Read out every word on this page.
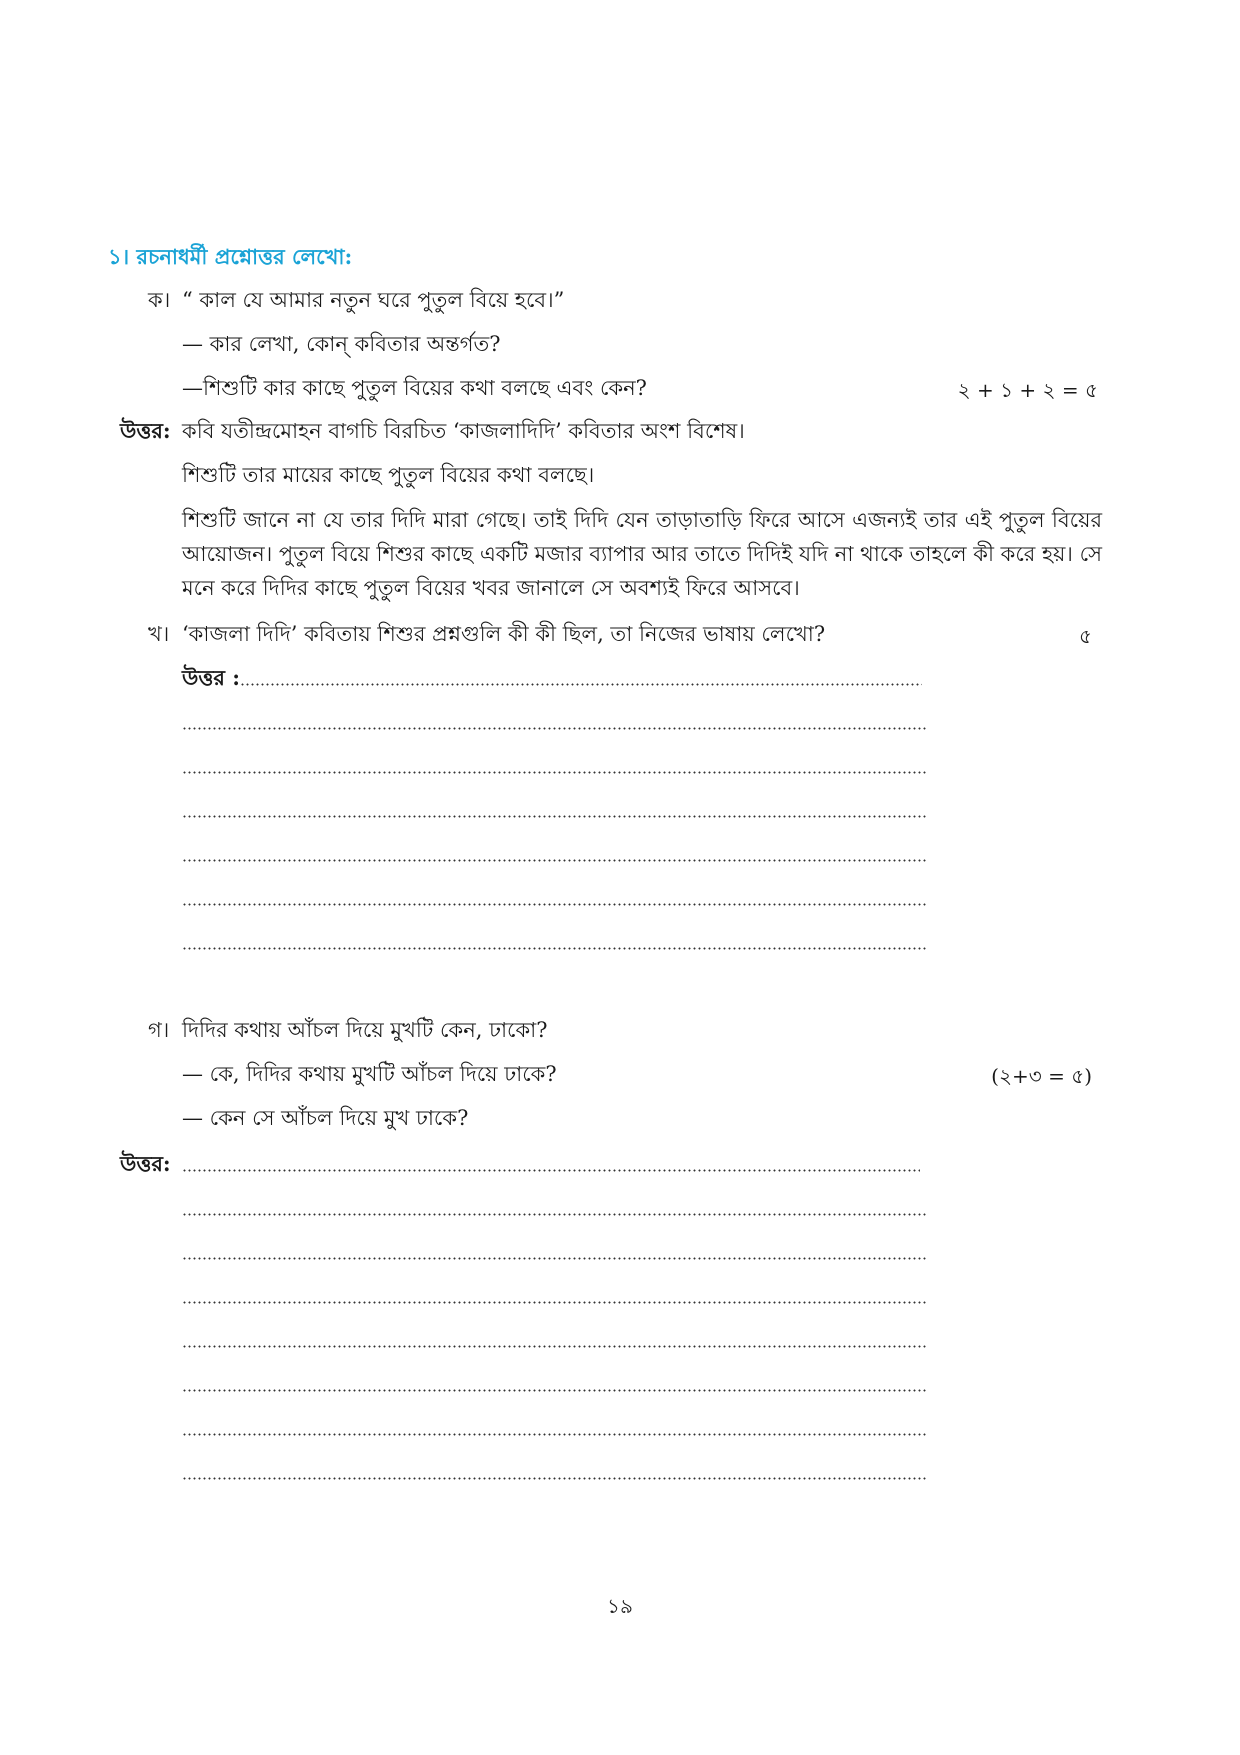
১। রচনাধর্মী প্রশ্নোত্তর লেখো:
ক। “ কাল যে আমার নতুন ঘরে পুতুল বিয়ে হবে।”
— কার লেখা, কোন্ কবিতার অন্তর্গত?
—শিশুটি কার কাছে পুতুল বিয়ের কথা বলছে এবং কেন?	২ + ১ + ২ = ৫
উত্তর: কবি যতীন্দ্রমোহন বাগচি বিরচিত ‘কাজলাদিদি’ কবিতার অংশ বিশেষ।
শিশুটি তার মায়ের কাছে পুতুল বিয়ের কথা বলছে।
শিশুটি জানে না যে তার দিদি মারা গেছে। তাই দিদি যেন তাড়াতাড়ি ফিরে আসে এজন্যই তার এই পুতুল বিয়ের আয়োজন। পুতুল বিয়ে শিশুর কাছে একটি মজার ব্যাপার আর তাতে দিদিই যদি না থাকে তাহলে কী করে হয়। সে মনে করে দিদির কাছে পুতুল বিয়ের খবর জানালে সে অবশ্যই ফিরে আসবে।
খ। ‘কাজলা দিদি’ কবিতায় শিশুর প্রশ্নগুলি কী কী ছিল, তা নিজের ভাষায় লেখো?	৫
উত্তর :
গ। দিদির কথায় আঁচল দিয়ে মুখটি কেন, ঢাকো?
— কে, দিদির কথায় মুখটি আঁচল দিয়ে ঢাকে?	(২+৩ = ৫)
— কেন সে আঁচল দিয়ে মুখ ঢাকে?
উত্তর:
১৯
